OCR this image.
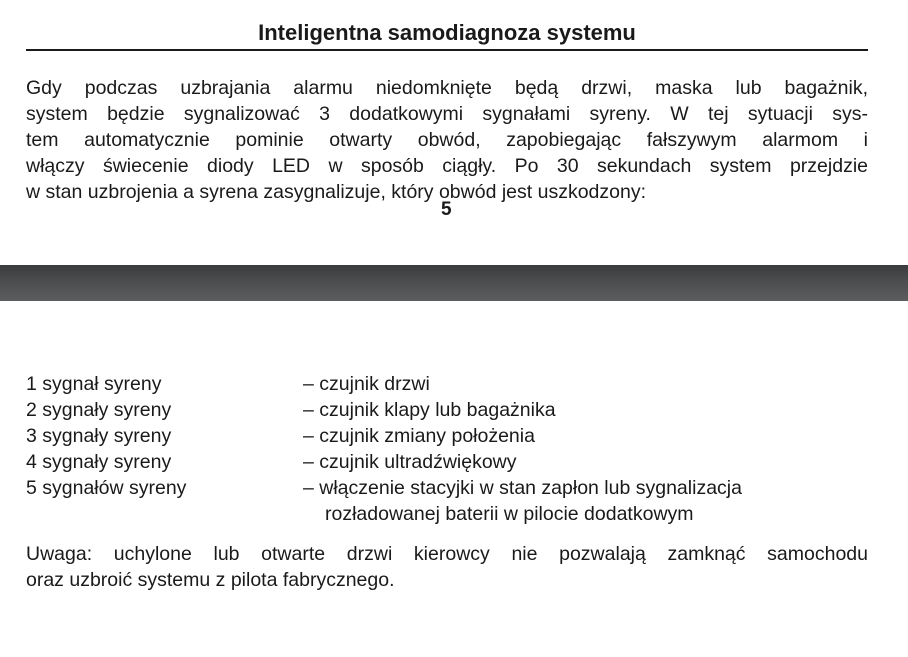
Inteligentna samodiagnoza systemu
Gdy podczas uzbrajania alarmu niedomknięte będą drzwi, maska lub bagażnik,
system będzie sygnalizować 3 dodatkowymi sygnałami syreny. W tej sytuacji sys-
tem automatycznie pominie otwarty obwód, zapobiegając fałszywym alarmom i
włączy świecenie diody LED w sposób ciągły. Po 30 sekundach system przejdzie
w stan uzbrojenia a syrena zasygnalizuje, który obwód jest uszkodzony:
5
1 sygnał syreny	– czujnik drzwi
2 sygnały syreny	– czujnik klapy lub bagażnika
3 sygnały syreny	– czujnik zmiany położenia
4 sygnały syreny	– czujnik ultradźwiękowy
5 sygnałów syreny	– włączenie stacyjki w stan zapłon lub sygnalizacja
rozładowanej baterii w pilocie dodatkowym
Uwaga: uchylone lub otwarte drzwi kierowcy nie pozwalają zamknąć samochodu
oraz uzbroić systemu z pilota fabrycznego.
